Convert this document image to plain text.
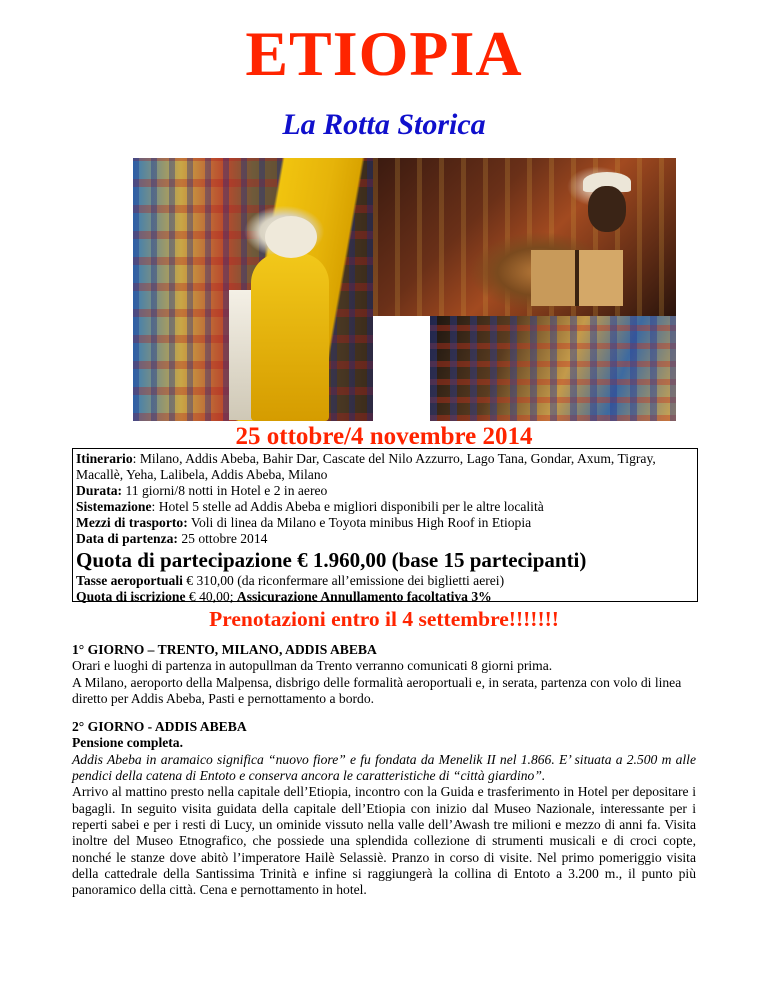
ETIOPIA
La Rotta Storica
25 ottobre/4 novembre 2014

Itinerario: Milano, Addis Abeba, Bahir Dar, Cascate del Nilo Azzurro, Lago Tana, Gondar, Axum, Tigray, Macallè, Yeha, Lalibela, Addis Abeba, Milano

Durata: 11 giorni/8 notti in Hotel e 2 in aereo

Sistemazione: Hotel 5 stelle ad Addis Abeba e migliori disponibili per le altre località

Mezzi di trasporto: Voli di linea da Milano e Toyota minibus High Roof in Etiopia

Data di partenza: 25 ottobre 2014

Quota di partecipazione € 1.960,00 (base 15 partecipanti)

Tasse aeroportuali € 310,00 (da riconfermare all’emissione dei biglietti aerei)

Quota di iscrizione € 40,00; Assicurazione Annullamento facoltativa 3%

Prenotazioni entro il 4 settembre!!!!!!!

1° GIORNO – TRENTO, MILANO, ADDIS ABEBA

Orari e luoghi di partenza in autopullman da Trento verranno comunicati 8 giorni prima.

A Milano, aeroporto della Malpensa, disbrigo delle formalità aeroportuali e, in serata, partenza con volo di linea diretto per Addis Abeba, Pasti e pernottamento a bordo.

2° GIORNO - ADDIS ABEBA

Pensione completa.

Addis Abeba in aramaico significa “nuovo fiore” e fu fondata da Menelik II nel 1.866. E’ situata a 2.500 m alle pendici della catena di Entoto e conserva ancora le caratteristiche di “città giardino”.

Arrivo al mattino presto nella capitale dell’Etiopia, incontro con la Guida e trasferimento in Hotel per depositare i bagagli. In seguito visita guidata della capitale dell’Etiopia con inizio dal Museo Nazionale, interessante per i reperti sabei e per i resti di Lucy, un ominide vissuto nella valle dell’Awash tre milioni e mezzo di anni fa. Visita inoltre del Museo Etnografico, che possiede una splendida collezione di strumenti musicali e di croci copte, nonché le stanze dove abitò l’imperatore Hailè Selassiè. Pranzo in corso di visite. Nel primo pomeriggio visita della cattedrale della Santissima Trinità e infine si raggiungerà la collina di Entoto a 3.200 m., il punto più panoramico della città. Cena e pernottamento in hotel.
